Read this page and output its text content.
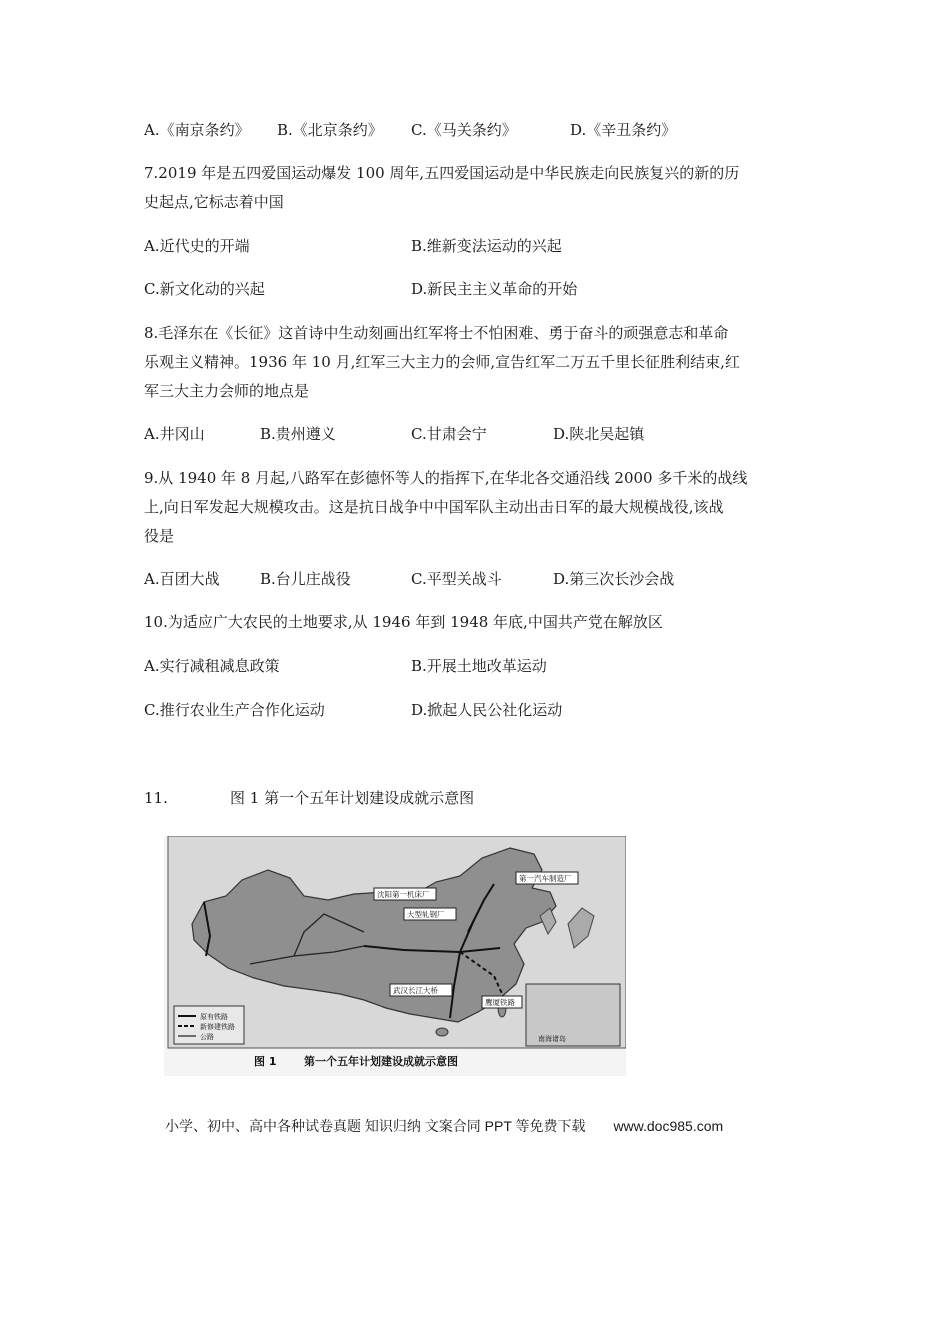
A.《南京条约》 B.《北京条约》 C.《马关条约》	D.《辛丑条约》
7.2019 年是五四爱国运动爆发 100 周年,五四爱国运动是中华民族走向民族复兴的新的历
史起点,它标志着中国
A.近代史的开端	B.维新变法运动的兴起
C.新文化动的兴起	D.新民主主义革命的开始
8.毛泽东在《长征》这首诗中生动刻画出红军将士不怕困难、勇于奋斗的顽强意志和革命
乐观主义精神。1936 年 10 月,红军三大主力的会师,宣告红军二万五千里长征胜利结束,红
军三大主力会师的地点是
A.井冈山	B.贵州遵义	C.甘肃会宁	D.陕北吴起镇
9.从 1940 年 8 月起,八路军在彭德怀等人的指挥下,在华北各交通沿线 2000 多千米的战线
上,向日军发起大规模攻击。这是抗日战争中中国军队主动出击日军的最大规模战役,该战
役是
A.百团大战	B.台儿庄战役	C.平型关战斗	D.第三次长沙会战
10.为适应广大农民的土地要求,从 1946 年到 1948 年底,中国共产党在解放区
A.实行减租减息政策	B.开展土地改革运动
C.推行农业生产合作化运动	D.掀起人民公社化运动
11.	图 1 第一个五年计划建设成就示意图
南海诸岛
第一汽车制造厂
沈阳第一机床厂
大型轧钢厂
武汉长江大桥
鹰厦铁路
原有铁路
新修建铁路
公路
图 1	第一个五年计划建设成就示意图
小学、初中、高中各种试卷真题 知识归纳 文案合同 PPT 等免费下载 www.doc985.com
